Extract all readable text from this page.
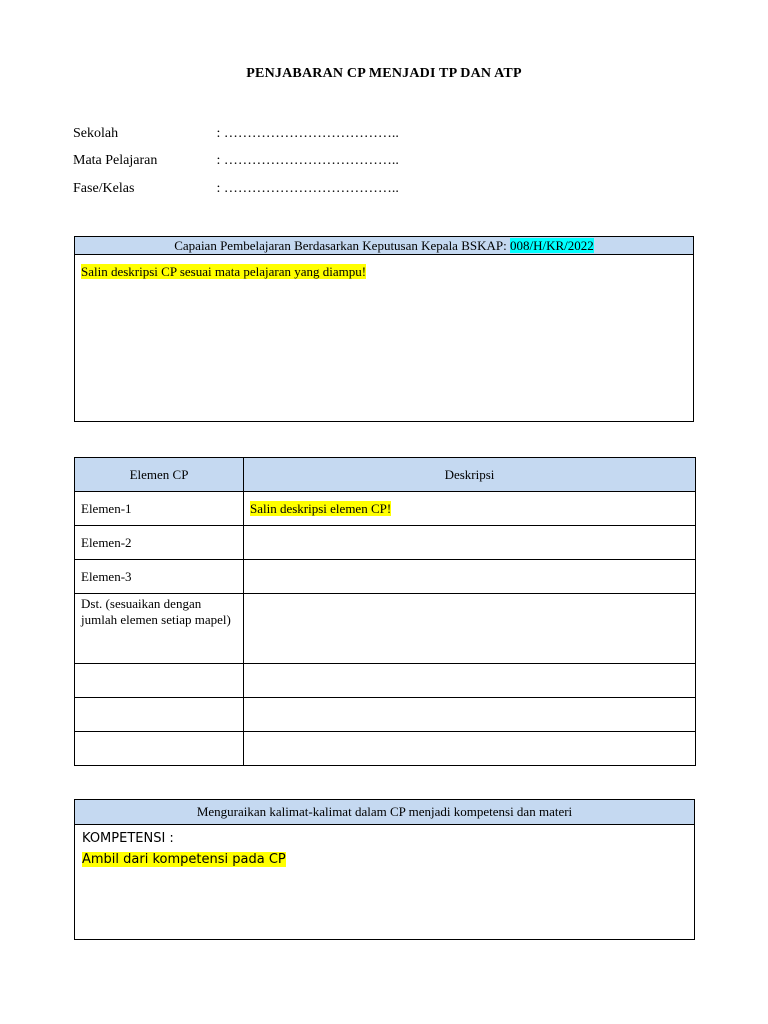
PENJABARAN CP MENJADI TP DAN ATP
Sekolah	: ………………………………..
Mata Pelajaran	: ………………………………..
Fase/Kelas	: ………………………………..
Capaian Pembelajaran Berdasarkan Keputusan Kepala BSKAP: 008/H/KR/2022
Salin deskripsi CP sesuai mata pelajaran yang diampu!
Elemen CP	Deskripsi
Elemen-1	Salin deskripsi elemen CP!
Elemen-2	
Elemen-3	
Dst. (sesuaikan dengan jumlah elemen setiap mapel)	

Menguraikan kalimat-kalimat dalam CP menjadi kompetensi dan materi
KOMPETENSI :
Ambil dari kompetensi pada CP
